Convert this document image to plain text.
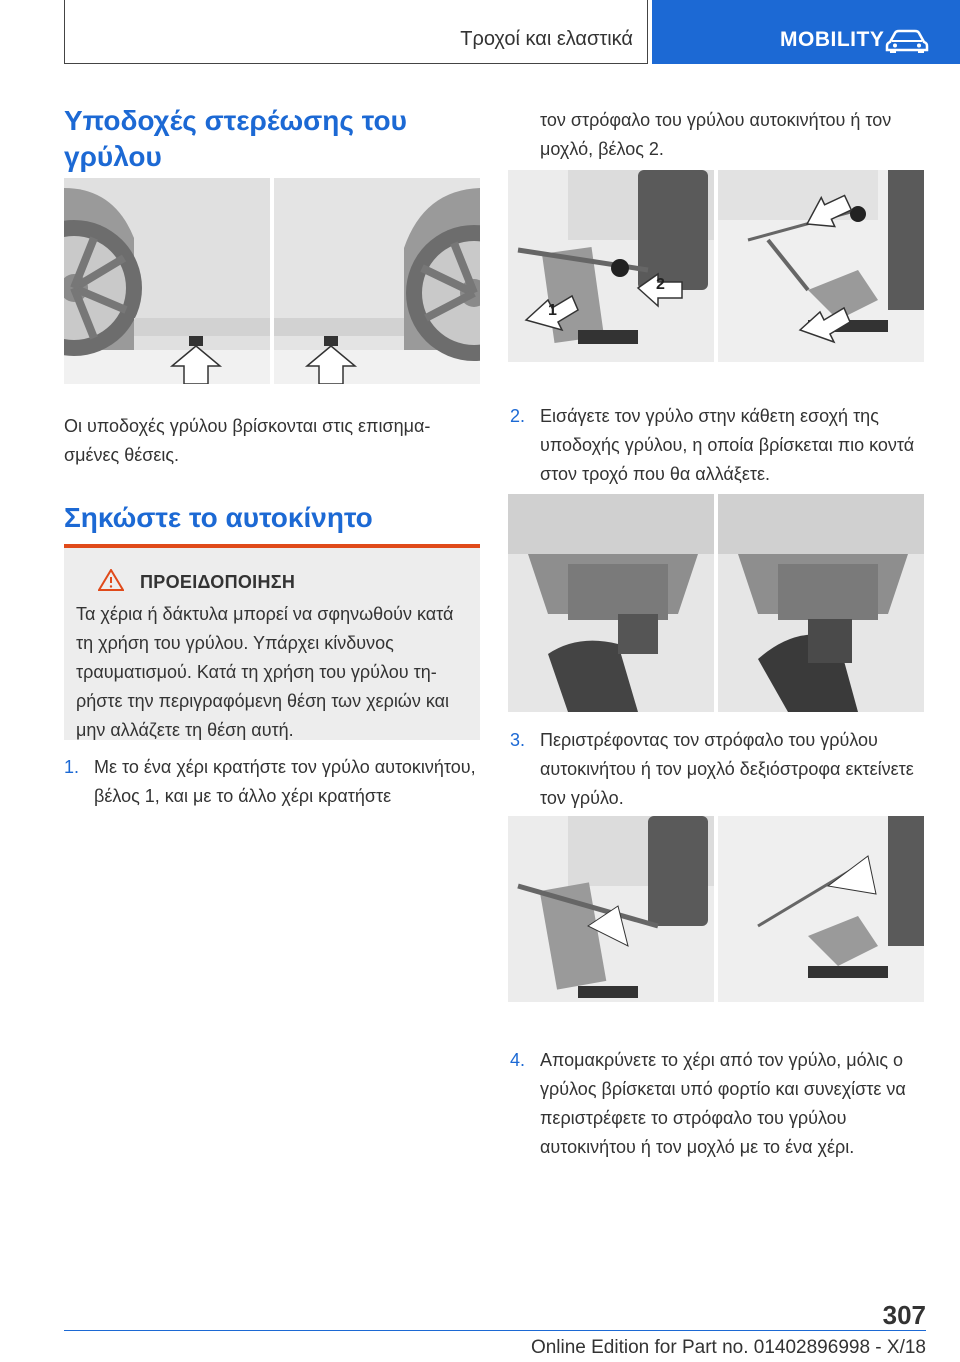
Τροχοί και ελαστικά	MOBILITY
Υποδοχές στερέωσης του γρύλου

Οι υποδοχές γρύλου βρίσκονται στις επισημασμένες θέσεις.

Σηκώστε το αυτοκίνητο
ΠΡΟΕΙΔΟΠΟΙΗΣΗ

Τα χέρια ή δάκτυλα μπορεί να σφηνωθούν κατά τη χρήση του γρύλου. Υπάρχει κίνδυνος τραυματισμού. Κατά τη χρήση του γρύλου τηρήστε την περιγραφόμενη θέση των χεριών και μην αλλάζετε τη θέση αυτή.

1. Με το ένα χέρι κρατήστε τον γρύλο αυτοκινήτου, βέλος 1, και με το άλλο χέρι κρατήστε

τον στρόφαλο του γρύλου αυτοκινήτου ή τον μοχλό, βέλος 2.

1
2
2. Εισάγετε τον γρύλο στην κάθετη εσοχή της υποδοχής γρύλου, η οποία βρίσκεται πιο κοντά στον τροχό που θα αλλάξετε.

3. Περιστρέφοντας τον στρόφαλο του γρύλου αυτοκινήτου ή τον μοχλό δεξιόστροφα εκτείνετε τον γρύλο.

4. Απομακρύνετε το χέρι από τον γρύλο, μόλις ο γρύλος βρίσκεται υπό φορτίο και συνεχίστε να περιστρέφετε το στρόφαλο του γρύλου αυτοκινήτου ή τον μοχλό με το ένα χέρι.

307
Online Edition for Part no. 01402896998 - X/18
